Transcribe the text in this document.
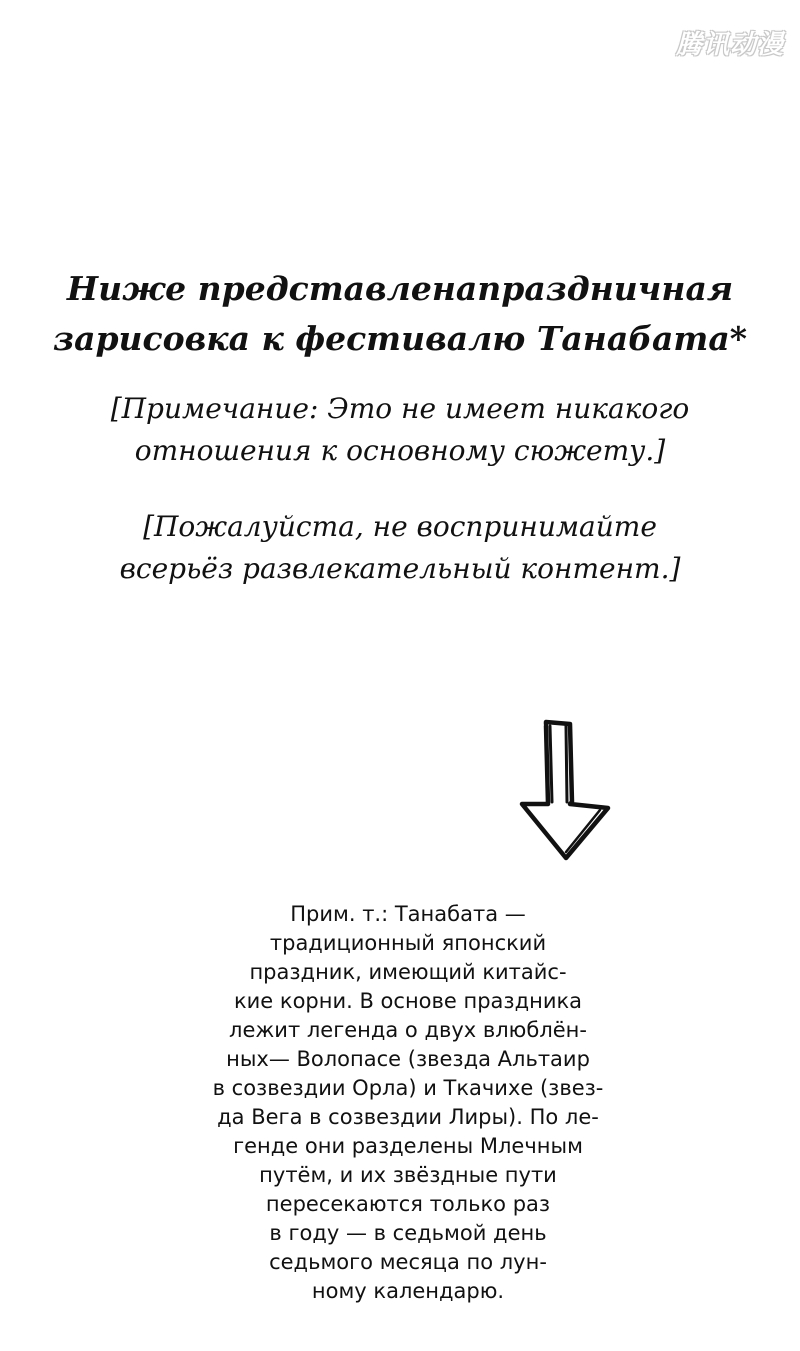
腾讯动漫
Ниже представленапраздничная
зарисовка к фестивалю Танабата*
[Примечание: Это не имеет никакого
отношения к основному сюжету.]
[Пожалуйста, не воспринимайте
всерьёз развлекательный контент.]
Прим. т.: Танабата —
традиционный японский
праздник, имеющий китайс-
кие корни. В основе праздника
лежит легенда о двух влюблён-
ных— Волопасе (звезда Альтаир
в созвездии Орла) и Ткачихе (звез-
да Вега в созвездии Лиры). По ле-
генде они разделены Млечным
путём, и их звёздные пути
пересекаются только раз
в году — в седьмой день
седьмого месяца по лун-
ному календарю.
